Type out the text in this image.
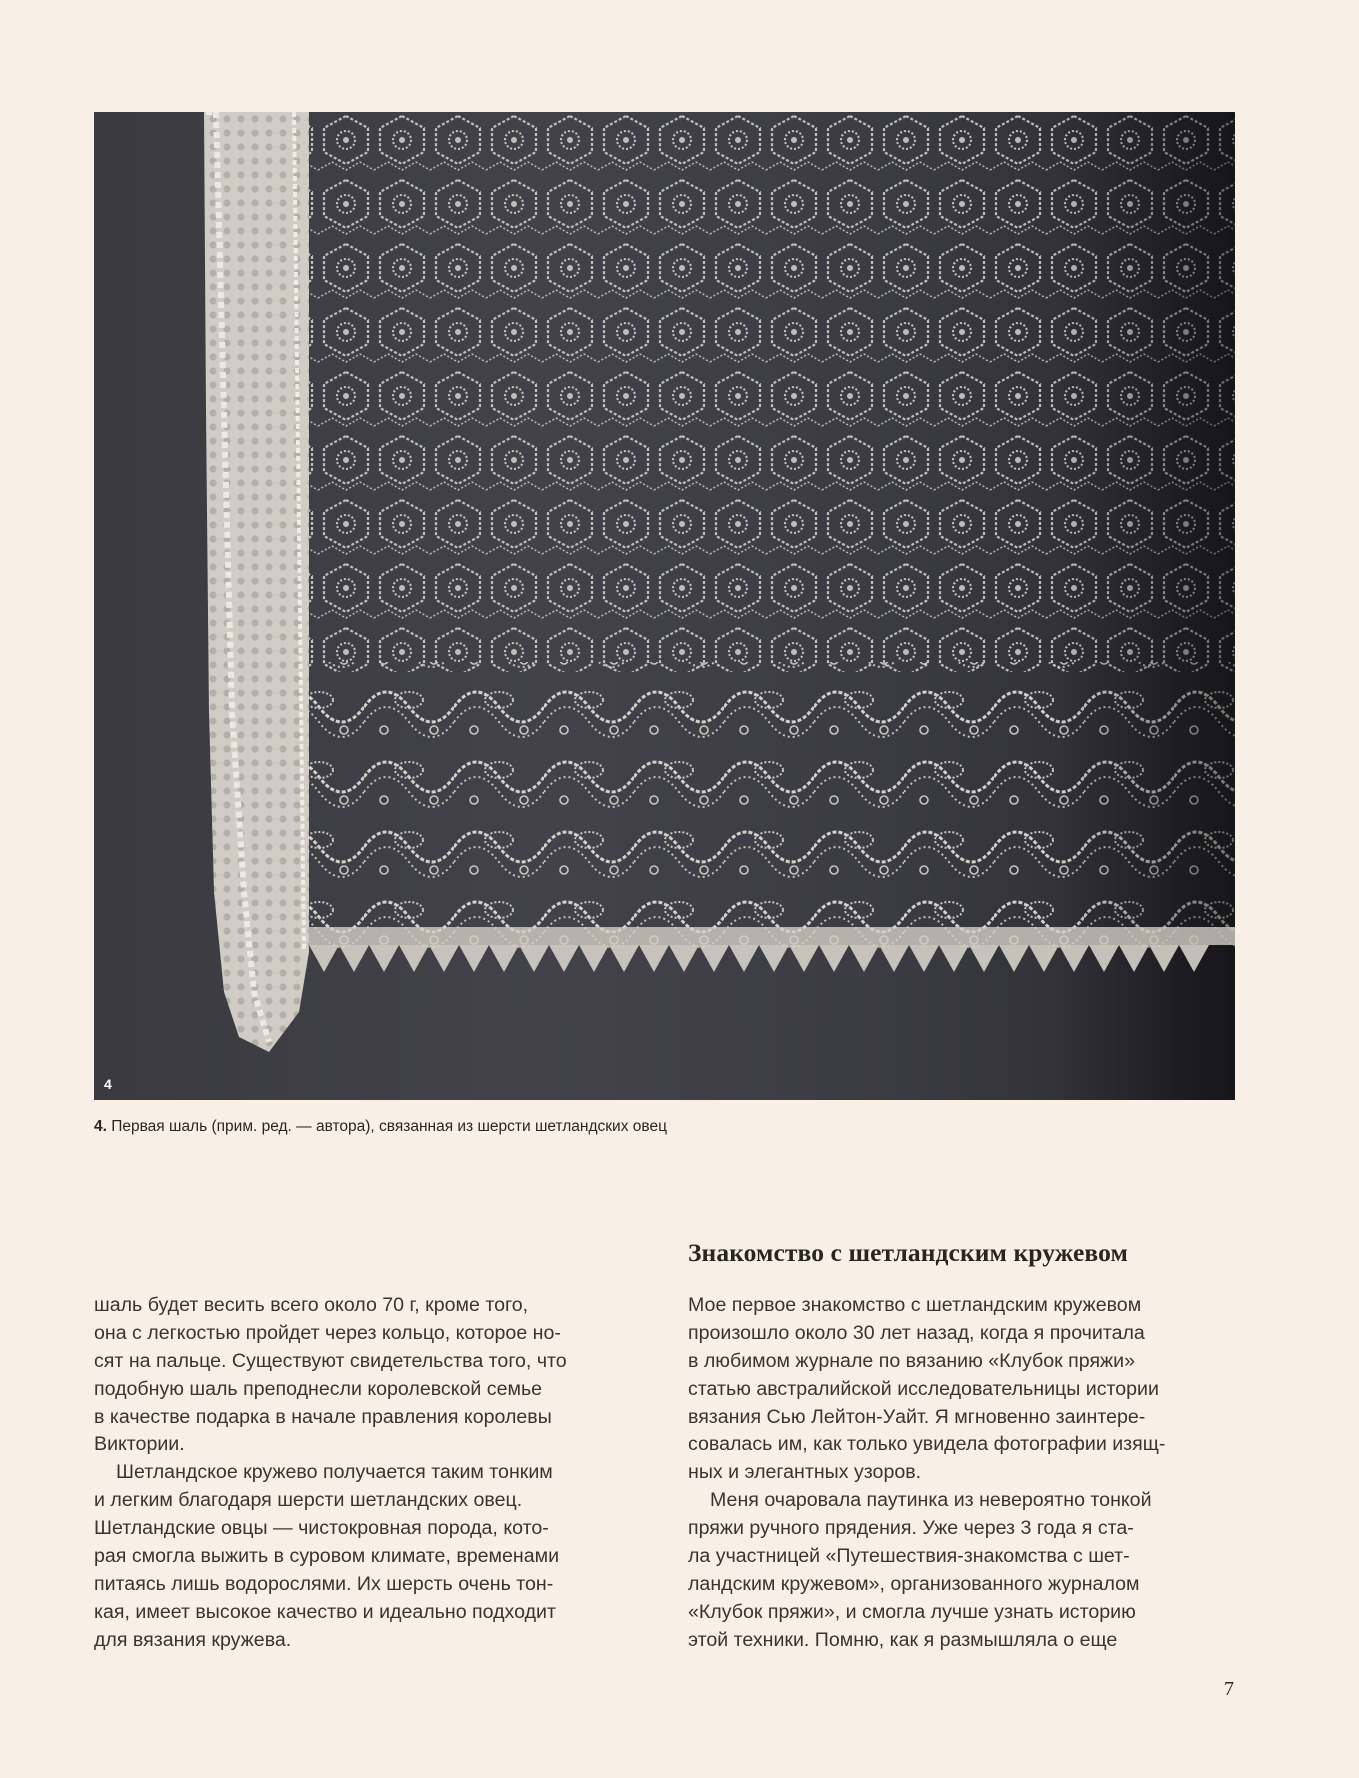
4
4. Первая шаль (прим. ред. — автора), связанная из шерсти шетландских овец
Знакомство с шетландским кружевом
шаль будет весить всего около 70 г, кроме того,
она с легкостью пройдет через кольцо, которое но-
сят на пальце. Существуют свидетельства того, что
подобную шаль преподнесли королевской семье
в качестве подарка в начале правления королевы
Виктории.
Шетландское кружево получается таким тонким
и легким благодаря шерсти шетландских овец.
Шетландские овцы — чистокровная порода, кото-
рая смогла выжить в суровом климате, временами
питаясь лишь водорослями. Их шерсть очень тон-
кая, имеет высокое качество и идеально подходит
для вязания кружева.
Мое первое знакомство с шетландским кружевом
произошло около 30 лет назад, когда я прочитала
в любимом журнале по вязанию «Клубок пряжи»
статью австралийской исследовательницы истории
вязания Сью Лейтон-Уайт. Я мгновенно заинтере-
совалась им, как только увидела фотографии изящ-
ных и элегантных узоров.
Меня очаровала паутинка из невероятно тонкой
пряжи ручного прядения. Уже через 3 года я ста-
ла участницей «Путешествия-знакомства с шет-
ландским кружевом», организованного журналом
«Клубок пряжи», и смогла лучше узнать историю
этой техники. Помню, как я размышляла о еще
7
